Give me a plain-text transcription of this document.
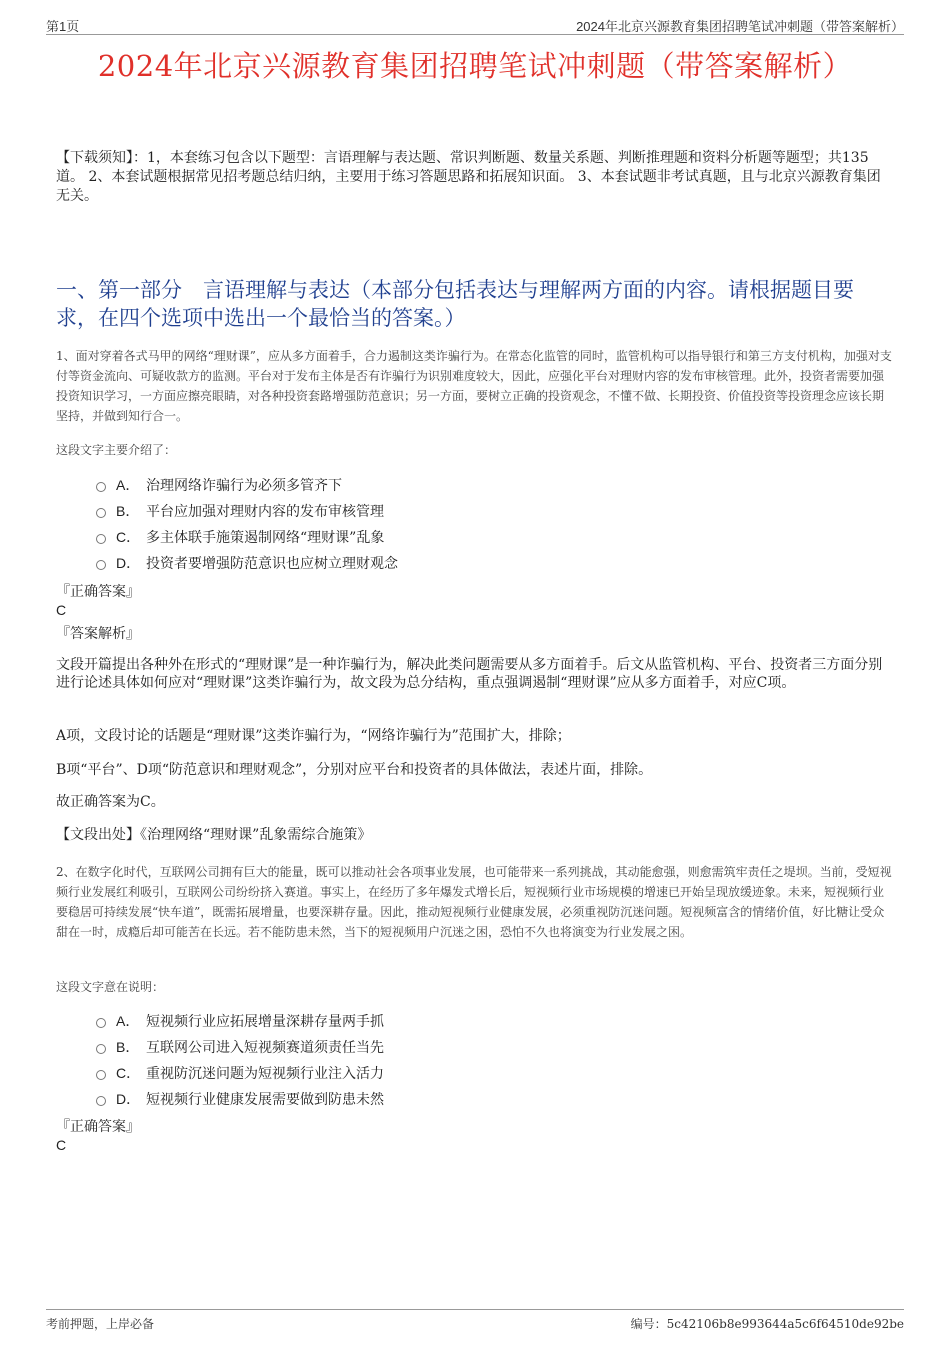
第1页	2024年北京兴源教育集团招聘笔试冲刺题（带答案解析）
2024年北京兴源教育集团招聘笔试冲刺题（带答案解析）
【下载须知】：1，本套练习包含以下题型：言语理解与表达题、常识判断题、数量关系题、判断推理题和资料分析题等题型；共135道。 2、本套试题根据常见招考题总结归纳，主要用于练习答题思路和拓展知识面。 3、本套试题非考试真题，且与北京兴源教育集团无关。
一、第一部分　言语理解与表达（本部分包括表达与理解两方面的内容。请根据题目要求，在四个选项中选出一个最恰当的答案。）
1、面对穿着各式马甲的网络“理财课”，应从多方面着手，合力遏制这类诈骗行为。在常态化监管的同时，监管机构可以指导银行和第三方支付机构，加强对支付等资金流向、可疑收款方的监测。平台对于发布主体是否有诈骗行为识别难度较大，因此，应强化平台对理财内容的发布审核管理。此外，投资者需要加强投资知识学习，一方面应擦亮眼睛，对各种投资套路增强防范意识；另一方面，要树立正确的投资观念，不懂不做、长期投资、价值投资等投资理念应该长期坚持，并做到知行合一。
这段文字主要介绍了：
A． 治理网络诈骗行为必须多管齐下
B． 平台应加强对理财内容的发布审核管理
C． 多主体联手施策遏制网络“理财课”乱象
D． 投资者要增强防范意识也应树立理财观念
『正确答案』
C
『答案解析』
文段开篇提出各种外在形式的“理财课”是一种诈骗行为，解决此类问题需要从多方面着手。后文从监管机构、平台、投资者三方面分别进行论述具体如何应对“理财课”这类诈骗行为，故文段为总分结构，重点强调遏制“理财课”应从多方面着手，对应C项。
A项，文段讨论的话题是“理财课”这类诈骗行为，“网络诈骗行为”范围扩大，排除；
B项“平台”、D项“防范意识和理财观念”，分别对应平台和投资者的具体做法，表述片面，排除。
故正确答案为C。
【文段出处】《治理网络“理财课”乱象需综合施策》
2、在数字化时代，互联网公司拥有巨大的能量，既可以推动社会各项事业发展，也可能带来一系列挑战，其动能愈强，则愈需筑牢责任之堤坝。当前，受短视频行业发展红利吸引，互联网公司纷纷挤入赛道。事实上，在经历了多年爆发式增长后，短视频行业市场规模的增速已开始呈现放缓迹象。未来，短视频行业要稳居可持续发展“快车道”，既需拓展增量，也要深耕存量。因此，推动短视频行业健康发展，必须重视防沉迷问题。短视频富含的情绪价值，好比糖让受众甜在一时，成瘾后却可能苦在长远。若不能防患未然，当下的短视频用户沉迷之困，恐怕不久也将演变为行业发展之困。
这段文字意在说明：
A． 短视频行业应拓展增量深耕存量两手抓
B． 互联网公司进入短视频赛道须责任当先
C． 重视防沉迷问题为短视频行业注入活力
D． 短视频行业健康发展需要做到防患未然
『正确答案』
C
考前押题，上岸必备	编号：5c42106b8e993644a5c6f64510de92be
